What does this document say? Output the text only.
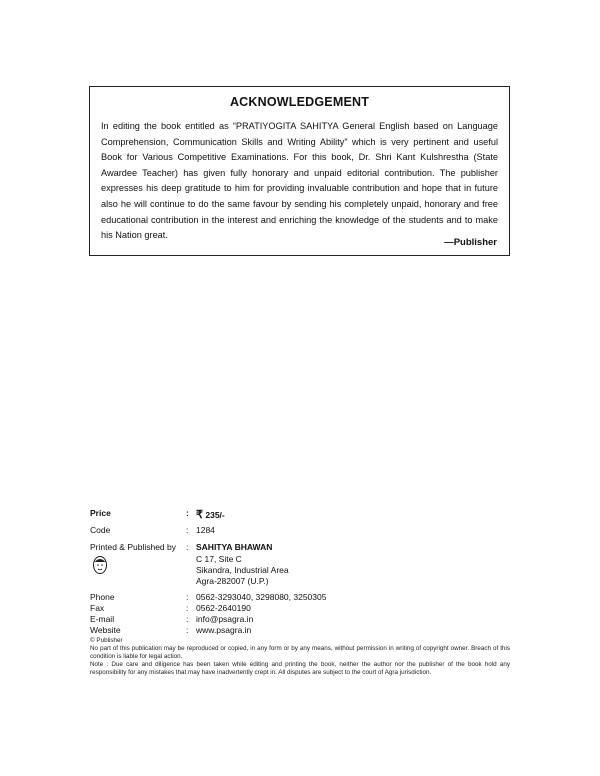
ACKNOWLEDGEMENT
In editing the book entitled as “PRATIYOGITA SAHITYA General English based on Language Comprehension, Communication Skills and Writing Ability” which is very pertinent and useful Book for Various Competitive Examinations. For this book, Dr. Shri Kant Kulshrestha (State Awardee Teacher) has given fully honorary and unpaid editorial contribution. The publisher expresses his deep gratitude to him for providing invaluable contribution and hope that in future also he will continue to do the same favour by sending his completely unpaid, honorary and free educational contribution in the interest and enriching the knowledge of the students and to make his Nation great.
—Publisher
Price	: ₹ 235/-
Code	: 1284
Printed & Published by : SAHITYA BHAWAN
C 17, Site C
Sikandra, Industrial Area
Agra-282007 (U.P.)
Phone	: 0562-3293040, 3298080, 3250305
Fax	: 0562-2640190
E-mail	: info@psagra.in
Website	: www.psagra.in

© Publisher

No part of this publication may be reproduced or copied, in any form or by any means, without permission in writing of copyright owner. Breach of this condition is liable for legal action.

Note : Due care and diligence has been taken while editing and printing the book, neither the author nor the publisher of the book hold any responsibility for any mistakes that may have inadvertently crept in. All disputes are subject to the court of Agra jurisdiction.
